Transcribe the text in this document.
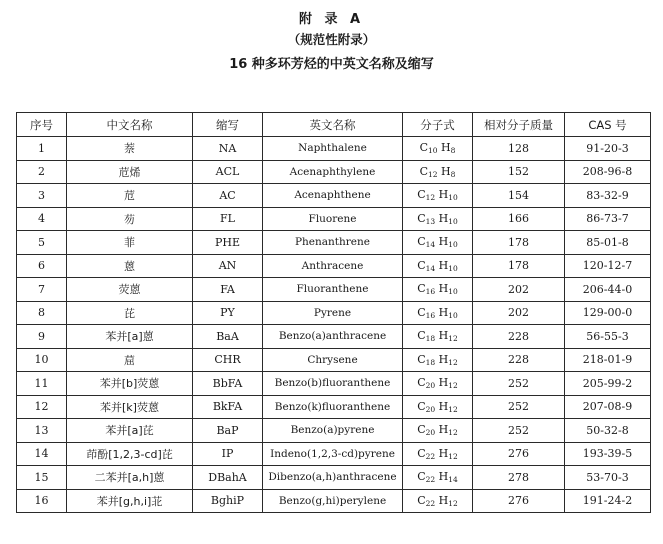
附 录 A
（规范性附录）
16 种多环芳烃的中英文名称及缩写
序号	中文名称	缩写	英文名称	分子式	相对分子质量	CAS 号
1	萘	NA	Naphthalene	$C_{10}$ $H_8$	128	91-20-3
2	苊烯	ACL	Acenaphthylene	$C_{12}$ $H_8$	152	208-96-8
3	苊	AC	Acenaphthene	$C_{12}$ $H_{10}$	154	83-32-9
4	芴	FL	Fluorene	$C_{13}$ $H_{10}$	166	86-73-7
5	菲	PHE	Phenanthrene	$C_{14}$ $H_{10}$	178	85-01-8
6	蒽	AN	Anthracene	$C_{14}$ $H_{10}$	178	120-12-7
7	荧蒽	FA	Fluoranthene	$C_{16}$ $H_{10}$	202	206-44-0
8	芘	PY	Pyrene	$C_{16}$ $H_{10}$	202	129-00-0
9	苯并[a]蒽	BaA	Benzo(a)anthracene	$C_{18}$ $H_{12}$	228	56-55-3
10	䓛	CHR	Chrysene	$C_{18}$ $H_{12}$	228	218-01-9
11	苯并[b]荧蒽	BbFA	Benzo(b)fluoranthene	$C_{20}$ $H_{12}$	252	205-99-2
12	苯并[k]荧蒽	BkFA	Benzo(k)fluoranthene	$C_{20}$ $H_{12}$	252	207-08-9
13	苯并[a]芘	BaP	Benzo(a)pyrene	$C_{20}$ $H_{12}$	252	50-32-8
14	茚酚[1,2,3-cd]芘	IP	Indeno(1,2,3-cd)pyrene	$C_{22}$ $H_{12}$	276	193-39-5
15	二苯并[a,h]蒽	DBahA	Dibenzo(a,h)anthracene	$C_{22}$ $H_{14}$	278	53-70-3
16	苯并[g,h,i]苝	BghiP	Benzo(g,hi)perylene	$C_{22}$ $H_{12}$	276	191-24-2
